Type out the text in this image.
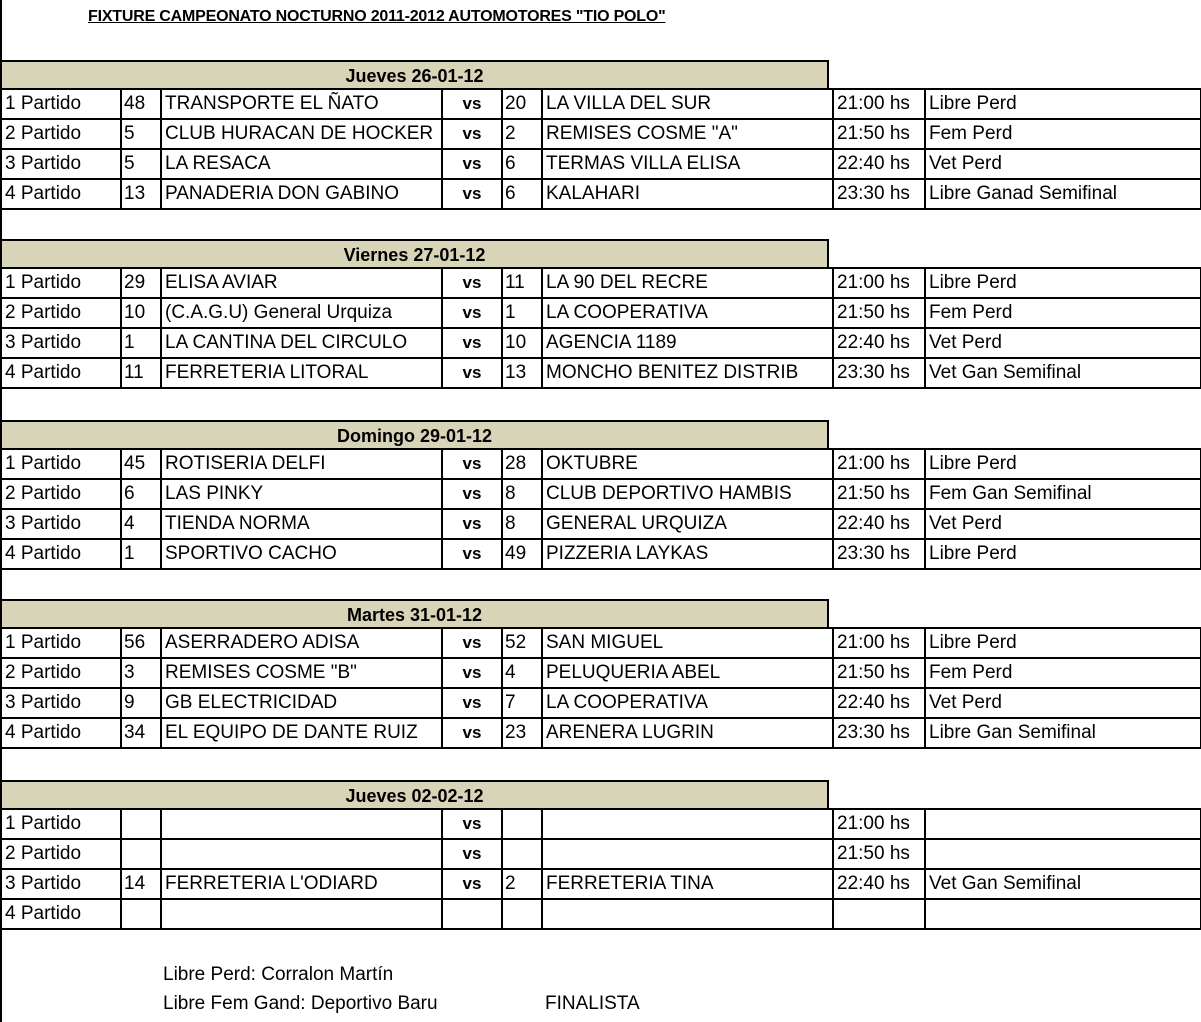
FIXTURE CAMPEONATO NOCTURNO 2011-2012 AUTOMOTORES "TIO POLO"
Jueves 26-01-12
1 Partido	48	TRANSPORTE EL ÑATO	vs	20	LA VILLA DEL SUR	21:00 hs	Libre Perd
2 Partido	5	CLUB HURACAN DE HOCKER	vs	2	REMISES COSME "A"	21:50 hs	Fem Perd
3 Partido	5	LA RESACA	vs	6	TERMAS VILLA ELISA	22:40 hs	Vet Perd
4 Partido	13	PANADERIA DON GABINO	vs	6	KALAHARI	23:30 hs	Libre Ganad Semifinal
Viernes 27-01-12
1 Partido	29	ELISA AVIAR	vs	11	LA 90 DEL RECRE	21:00 hs	Libre Perd
2 Partido	10	(C.A.G.U) General Urquiza	vs	1	LA COOPERATIVA	21:50 hs	Fem Perd
3 Partido	1	LA CANTINA DEL CIRCULO	vs	10	AGENCIA 1189	22:40 hs	Vet Perd
4 Partido	11	FERRETERIA LITORAL	vs	13	MONCHO BENITEZ DISTRIB	23:30 hs	Vet Gan Semifinal
Domingo 29-01-12
1 Partido	45	ROTISERIA DELFI	vs	28	OKTUBRE	21:00 hs	Libre Perd
2 Partido	6	LAS PINKY	vs	8	CLUB DEPORTIVO HAMBIS	21:50 hs	Fem Gan Semifinal
3 Partido	4	TIENDA NORMA	vs	8	GENERAL URQUIZA	22:40 hs	Vet Perd
4 Partido	1	SPORTIVO CACHO	vs	49	PIZZERIA LAYKAS	23:30 hs	Libre Perd
Martes 31-01-12
1 Partido	56	ASERRADERO ADISA	vs	52	SAN MIGUEL	21:00 hs	Libre Perd
2 Partido	3	REMISES COSME "B"	vs	4	PELUQUERIA ABEL	21:50 hs	Fem Perd
3 Partido	9	GB ELECTRICIDAD	vs	7	LA COOPERATIVA	22:40 hs	Vet Perd
4 Partido	34	EL EQUIPO DE DANTE RUIZ	vs	23	ARENERA LUGRIN	23:30 hs	Libre Gan Semifinal
Jueves 02-02-12
1 Partido			vs			21:00 hs	
2 Partido			vs			21:50 hs	
3 Partido	14	FERRETERIA L'ODIARD	vs	2	FERRETERIA TINA	22:40 hs	Vet Gan Semifinal
4 Partido							
Libre Perd: Corralon Martín
Libre Fem Gand: Deportivo Baru	FINALISTA
